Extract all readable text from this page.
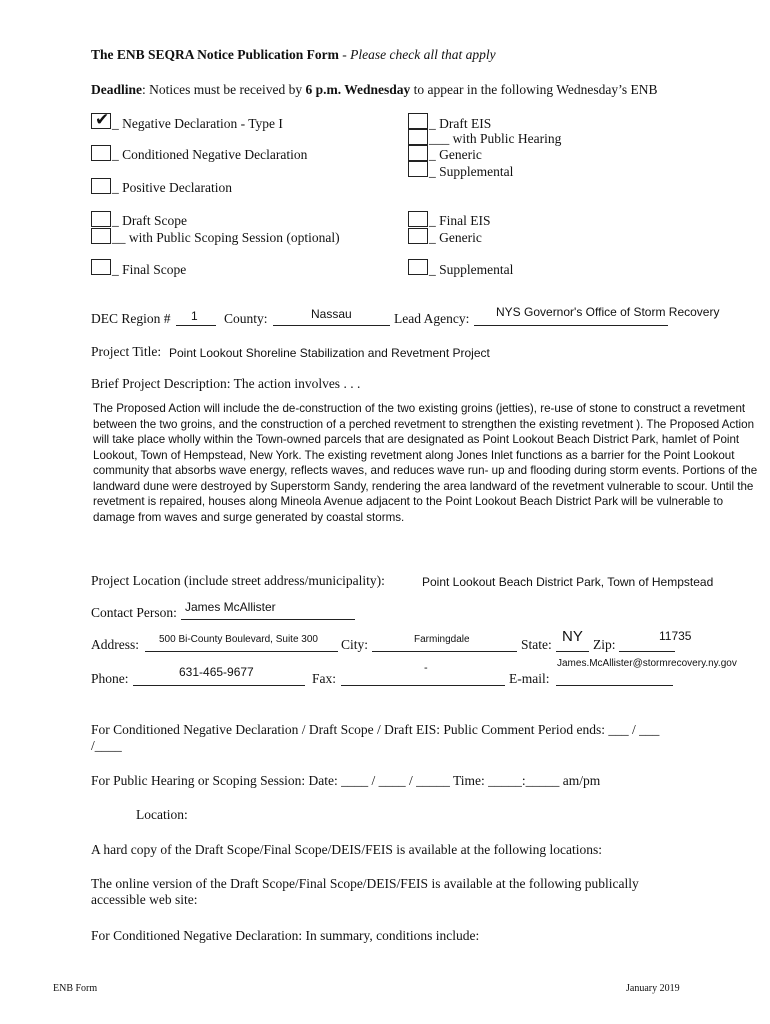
The ENB SEQRA Notice Publication Form - Please check all that apply
Deadline: Notices must be received by 6 p.m. Wednesday to appear in the following Wednesday’s ENB
✔ _ Negative Declaration - Type I
_ Conditioned Negative Declaration
_ Positive Declaration
_ Draft Scope
__ with Public Scoping Session (optional)
_ Final Scope
_ Draft EIS
___ with Public Hearing
_ Generic
_ Supplemental
_ Final EIS
_ Generic
_ Supplemental
DEC Region # 1 County:	Nassau	Lead Agency: NYS Governor's Office of Storm Recovery
Project Title: Point Lookout Shoreline Stabilization and Revetment Project
Brief Project Description: The action involves . . .
The Proposed Action will include the de-construction of the two existing groins (jetties), re-use of stone to construct a revetment between the two groins, and the construction of a perched revetment to strengthen the existing revetment ). The Proposed Action will take place wholly within the Town-owned parcels that are designated as Point Lookout Beach District Park, hamlet of Point Lookout, Town of Hempstead, New York. The existing revetment along Jones Inlet functions as a barrier for the Point Lookout community that absorbs wave energy, reflects waves, and reduces wave run- up and flooding during storm events. Portions of the landward dune were destroyed by Superstorm Sandy, rendering the area landward of the revetment vulnerable to scour. Until the revetment is repaired, houses along Mineola Avenue adjacent to the Point Lookout Beach District Park will be vulnerable to damage from waves and surge generated by coastal storms.
Project Location (include street address/municipality):	Point Lookout Beach District Park, Town of Hempstead
Contact Person: James McAllister
Address: 500 Bi-County Boulevard, Suite 300 City:	Farmingdale	State: NY Zip:
11735
Phone:	631-465-9677	Fax:
-
E-mail:
James.McAllister@stormrecovery.ny.gov
For Conditioned Negative Declaration / Draft Scope / Draft EIS: Public Comment Period ends: ___ / ___
/____
For Public Hearing or Scoping Session: Date: ____ / ____ / _____ Time: _____:_____ am/pm
Location:
A hard copy of the Draft Scope/Final Scope/DEIS/FEIS is available at the following locations:
The online version of the Draft Scope/Final Scope/DEIS/FEIS is available at the following publically
accessible web site:
For Conditioned Negative Declaration: In summary, conditions include:
ENB Form	January 2019
